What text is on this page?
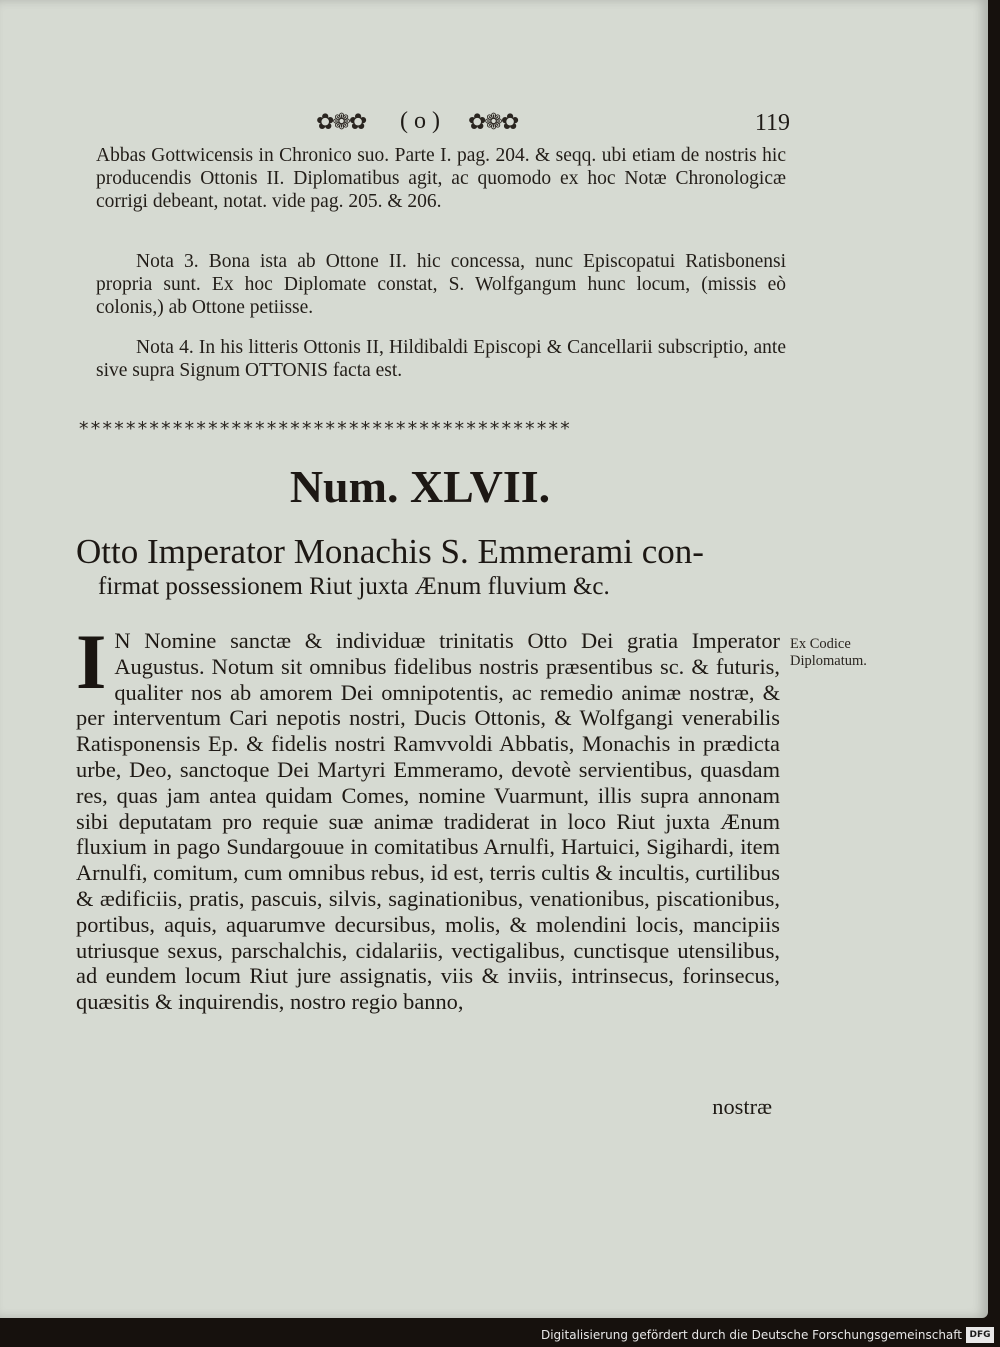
✿❁✿ ( o ) ✿❁✿	119

Abbas Gottwicensis in Chronico suo. Parte I. pag. 204. & seqq. ubi etiam de nostris hic producendis Ottonis II. Diplomatibus agit, ac quomodo ex hoc Notæ Chronologicæ corrigi debeant, notat. vide pag. 205. & 206.

Nota 3. Bona ista ab Ottone II. hic concessa, nunc Episcopatui Ratisbonensi propria sunt. Ex hoc Diplomate constat, S. Wolfgangum hunc locum, (missis eò colonis,) ab Ottone petiisse.

Nota 4. In his litteris Ottonis II, Hildibaldi Episcopi & Cancellarii subscriptio, ante sive supra Signum OTTONIS facta est.

******************************************
Num. XLVII.
Otto Imperator Monachis S. Emmerami con-
firmat possessionem Riut juxta Ænum fluvium &c.
I N Nomine sanctæ & individuæ trinitatis Otto Dei gratia Imperator Augustus. Notum sit omnibus fidelibus nostris præsentibus sc. & futuris, qualiter nos ab amorem Dei omnipotentis, ac remedio animæ nostræ, & per interventum Cari nepotis nostri, Ducis Ottonis, & Wolfgangi venerabilis Ratisponensis Ep. & fidelis nostri Ramvvoldi Abbatis, Monachis in prædicta urbe, Deo, sanctoque Dei Martyri Emmeramo, devotè servientibus, quasdam res, quas jam antea quidam Comes, nomine Vuarmunt, illis supra annonam sibi deputatam pro requie suæ animæ tradiderat in loco Riut juxta Ænum fluxium in pago Sundargouue in comitatibus Arnulfi, Hartuici, Sigihardi, item Arnulfi, comitum, cum omnibus rebus, id est, terris cultis & incultis, curtilibus & ædificiis, pratis, pascuis, silvis, saginationibus, venationibus, piscationibus, portibus, aquis, aquarumve decursibus, molis, & molendini locis, mancipiis utriusque sexus, parschalchis, cidalariis, vectigalibus, cunctisque utensilibus, ad eundem locum Riut jure assignatis, viis & inviis, intrinsecus, forinsecus, quæsitis & inquirendis, nostro regio banno,
nostræ
Ex Codice Diplomatum.
Digitalisierung gefördert durch die Deutsche Forschungsgemeinschaft DFG
